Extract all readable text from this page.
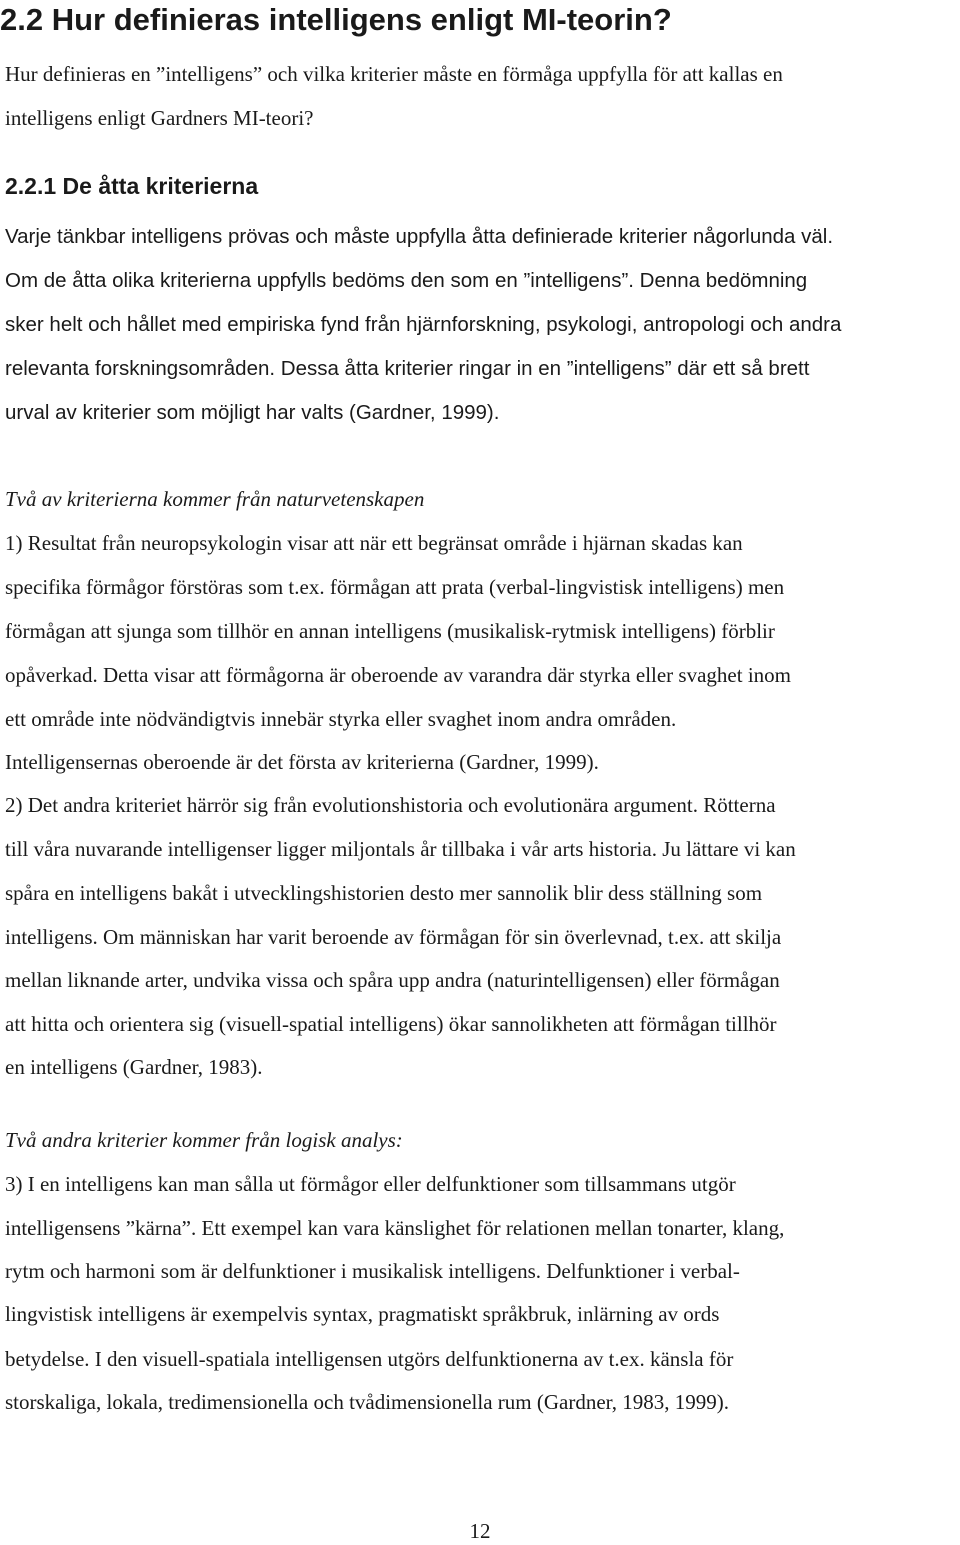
2.2 Hur definieras intelligens enligt MI-teorin?

Hur definieras en ”intelligens” och vilka kriterier måste en förmåga uppfylla för att kallas en

intelligens enligt Gardners MI-teori?

2.2.1 De åtta kriterierna

Varje tänkbar intelligens prövas och måste uppfylla åtta definierade kriterier någorlunda väl.

Om de åtta olika kriterierna uppfylls bedöms den som en ”intelligens”. Denna bedömning

sker helt och hållet med empiriska fynd från hjärnforskning, psykologi, antropologi och andra

relevanta forskningsområden. Dessa åtta kriterier ringar in en ”intelligens” där ett så brett

urval av kriterier som möjligt har valts (Gardner, 1999).

Två av kriterierna kommer från naturvetenskapen

1) Resultat från neuropsykologin visar att när ett begränsat område i hjärnan skadas kan

specifika förmågor förstöras som t.ex. förmågan att prata (verbal-lingvistisk intelligens) men

förmågan att sjunga som tillhör en annan intelligens (musikalisk-rytmisk intelligens) förblir

opåverkad. Detta visar att förmågorna är oberoende av varandra där styrka eller svaghet inom

ett område inte nödvändigtvis innebär styrka eller svaghet inom andra områden.

Intelligensernas oberoende är det första av kriterierna (Gardner, 1999).

2) Det andra kriteriet härrör sig från evolutionshistoria och evolutionära argument. Rötterna

till våra nuvarande intelligenser ligger miljontals år tillbaka i vår arts historia. Ju lättare vi kan

spåra en intelligens bakåt i utvecklingshistorien desto mer sannolik blir dess ställning som

intelligens. Om människan har varit beroende av förmågan för sin överlevnad, t.ex. att skilja

mellan liknande arter, undvika vissa och spåra upp andra (naturintelligensen) eller förmågan

att hitta och orientera sig (visuell-spatial intelligens) ökar sannolikheten att förmågan tillhör

en intelligens (Gardner, 1983).

Två andra kriterier kommer från logisk analys:

3) I en intelligens kan man sålla ut förmågor eller delfunktioner som tillsammans utgör

intelligensens ”kärna”. Ett exempel kan vara känslighet för relationen mellan tonarter, klang,

rytm och harmoni som är delfunktioner i musikalisk intelligens. Delfunktioner i verbal-

lingvistisk intelligens är exempelvis syntax, pragmatiskt språkbruk, inlärning av ords

betydelse. I den visuell-spatiala intelligensen utgörs delfunktionerna av t.ex. känsla för

storskaliga, lokala, tredimensionella och tvådimensionella rum (Gardner, 1983, 1999).

12
